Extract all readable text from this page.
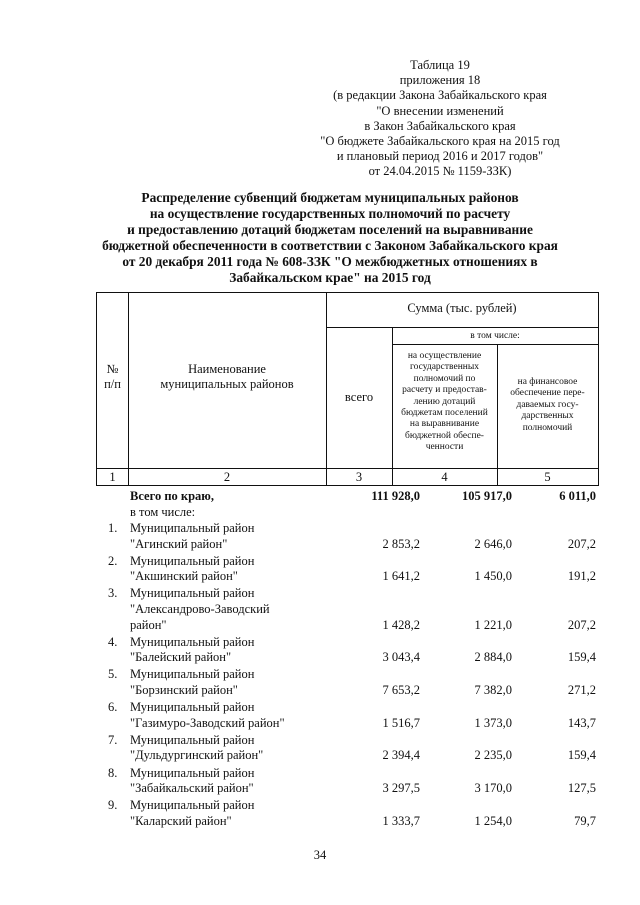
Таблица 19
приложения 18
(в редакции Закона Забайкальского края
"О внесении изменений
в Закон Забайкальского края
"О бюджете Забайкальского края на 2015 год
и плановый период 2016 и 2017 годов"
от 24.04.2015 № 1159-ЗЗК)
Распределение субвенций бюджетам муниципальных районов
на осуществление государственных полномочий по расчету
и предоставлению дотаций бюджетам поселений на выравнивание
бюджетной обеспеченности в соответствии с Законом Забайкальского края
от 20 декабря 2011 года № 608-ЗЗК "О межбюджетных отношениях в
Забайкальском крае" на 2015 год
№
п/п
Наименование
муниципальных районов
Сумма (тыс. рублей)
в том числе:
всего
на осуществление
государственных
полномочий по
расчету и предостав-
лению дотаций
бюджетам поселений
на выравнивание
бюджетной обеспе-
ченности
на финансовое
обеспечение пере-
даваемых госу-
дарственных
полномочий
1	2	3	4	5
Всего по краю,	111 928,0	105 917,0	6 011,0
в том числе:
1. Муниципальный район
"Агинский район"	2 853,2	2 646,0	207,2
2. Муниципальный район
"Акшинский район"	1 641,2	1 450,0	191,2
3. Муниципальный район
"Александрово-Заводский
район"	1 428,2	1 221,0	207,2
4. Муниципальный район
"Балейский район"	3 043,4	2 884,0	159,4
5. Муниципальный район
"Борзинский район"	7 653,2	7 382,0	271,2
6. Муниципальный район
"Газимуро-Заводский район"	1 516,7	1 373,0	143,7
7. Муниципальный район
"Дульдургинский район"	2 394,4	2 235,0	159,4
8. Муниципальный район
"Забайкальский район"	3 297,5	3 170,0	127,5
9. Муниципальный район
"Каларский район"	1 333,7	1 254,0	79,7
34
